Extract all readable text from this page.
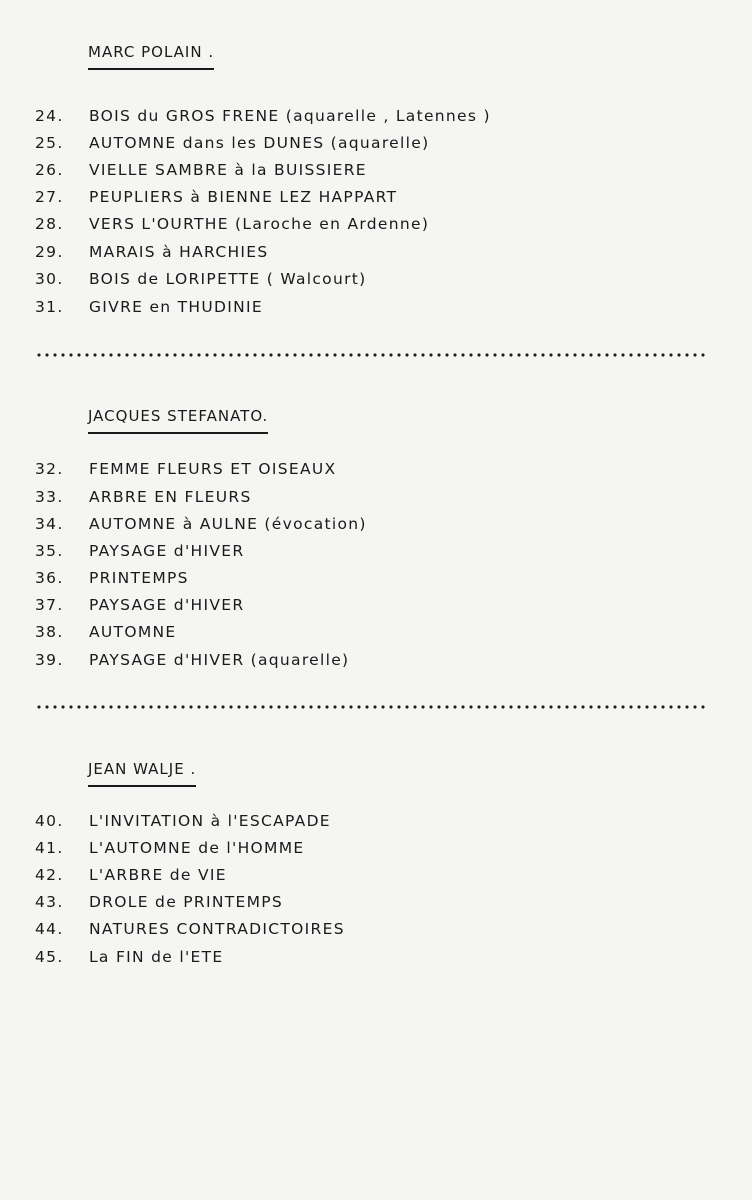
MARC POLAIN .
24. BOIS du GROS FRENE (aquarelle , Latennes )
25. AUTOMNE dans les DUNES (aquarelle)
26. VIELLE SAMBRE à la BUISSIERE
27. PEUPLIERS à BIENNE LEZ HAPPART
28. VERS L'OURTHE (Laroche en Ardenne)
29. MARAIS à HARCHIES
30. BOIS de LORIPETTE ( Walcourt)
31. GIVRE en THUDINIE
JACQUES STEFANATO.
32. FEMME FLEURS ET OISEAUX
33. ARBRE EN FLEURS
34. AUTOMNE à AULNE (évocation)
35. PAYSAGE d'HIVER
36. PRINTEMPS
37. PAYSAGE d'HIVER
38. AUTOMNE
39. PAYSAGE d'HIVER (aquarelle)
JEAN WALJE .
40. L'INVITATION à l'ESCAPADE
41. L'AUTOMNE de l'HOMME
42. L'ARBRE de VIE
43. DROLE de PRINTEMPS
44. NATURES CONTRADICTOIRES
45. La FIN de l'ETE
